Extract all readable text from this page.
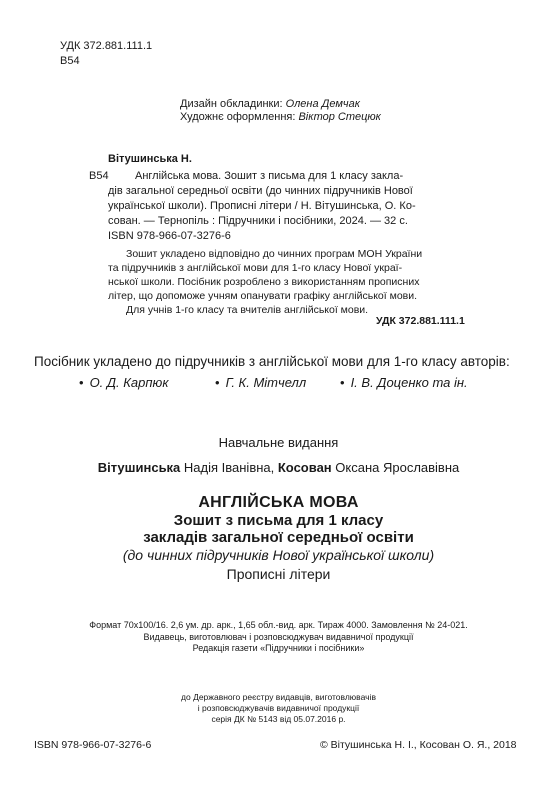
УДК 372.881.111.1
В54
Дизайн обкладинки: Олена Демчак
Художнє оформлення: Віктор Стецюк
Вітушинська Н.
В54 Англійська мова. Зошит з письма для 1 класу закла-
дів загальної середньої освіти (до чинних підручників Нової
української школи). Прописні літери / Н. Вітушинська, О. Ко-
сован. — Тернопіль : Підручники і посібники, 2024. — 32 с.
ISBN 978-966-07-3276-6
Зошит укладено відповідно до чинних програм МОН України
та підручників з англійської мови для 1-го класу Нової украї-
нської школи. Посібник розроблено з використанням прописних
літер, що допоможе учням опанувати графіку англійської мови.
Для учнів 1-го класу та вчителів англійської мови.
УДК 372.881.111.1
Посібник укладено до підручників з англійської мови для 1-го класу авторів:
• О. Д. Карпюк	• Г. К. Мітчелл	• І. В. Доценко та ін.
Навчальне видання
Вітушинська Надія Іванівна, Косован Оксана Ярославівна
АНГЛІЙСЬКА МОВА
Зошит з письма для 1 класу
закладів загальної середньої освіти
(до чинних підручників Нової української школи)
Прописні літери
Формат 70x100/16. 2,6 ум. др. арк., 1,65 обл.-вид. арк. Тираж 4000. Замовлення № 24-021.
Видавець, виготовлювач і розповсюджувач видавничої продукції
Редакція газети «Підручники і посібники»
до Державного реєстру видавців, виготовлювачів
і розповсюджувачів видавничої продукції
серія ДК № 5143 від 05.07.2016 р.
ISBN 978-966-07-3276-6	© Вітушинська Н. І., Косован О. Я., 2018
